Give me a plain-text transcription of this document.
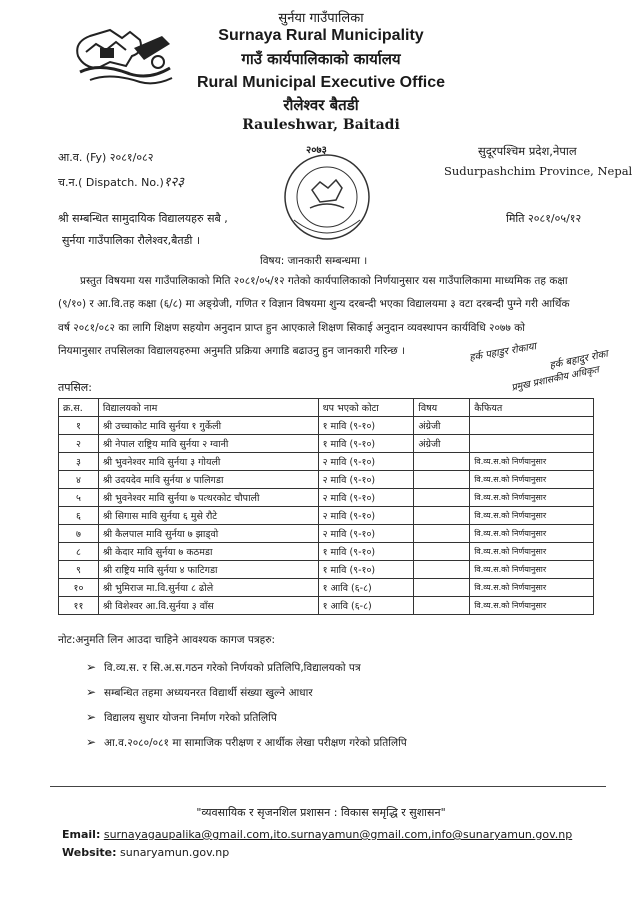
सुर्नया गाउँपालिका
Surnaya Rural Municipality
गाउँ कार्यपालिकाको कार्यालय
Rural Municipal Executive Office
रौलेश्वर बैतडी
Rauleshwar, Baitadi
आ.व. (Fy) २०८१/०८२
च.न.( Dispatch. No.)१२३
सुदूरपश्चिम प्रदेश,नेपाल
Sudurpashchim Province, Nepal
२०७३
श्री सम्बन्धित सामुदायिक विद्यालयहरु सबै ,
सुर्नया गाउँपालिका रौलेश्वर,बैतडी ।
मिति २०८१/०५/१२
विषय: जानकारी सम्बन्धमा ।
प्रस्तुत विषयमा यस गाउँपालिकाको मिति २०८१/०५/१२ गतेको कार्यपालिकाको निर्णयानुसार यस गाउँपालिकामा माध्यमिक तह कक्षा
(९/१०) र आ.वि.तह कक्षा (६/८) मा अङ्ग्रेजी, गणित र विज्ञान विषयमा शुन्य दरबन्दी भएका विद्यालयमा ३ वटा दरबन्दी पुग्ने गरी आर्थिक
वर्ष २०८१/०८२ का लागि शिक्षण सहयोग अनुदान प्राप्त हुन आएकाले शिक्षण सिकाई अनुदान व्यवस्थापन कार्यविधि २०७७ को
नियमानुसार तपसिलका विद्यालयहरुमा अनुमति प्रक्रिया अगाडि बढाउनु हुन जानकारी गरिन्छ ।	हर्क पहाडुर रोकाया हर्क बहादुर रोका
प्रमुख प्रशासकीय अधिकृत
तपसिल:
क्र.स.	विद्यालयको नाम	थप भएको कोटा	विषय	कैफियत
१	श्री उच्चाकोट मावि सुर्नया १ गुर्केली	१ मावि (९-१०)	अंग्रेजी	
२	श्री नेपाल राष्ट्रिय मावि सुर्नया २ ग्वानी	१ मावि (९-१०)	अंग्रेजी	
३	श्री भुवनेश्वर मावि सुर्नया ३ गोयली	२ मावि (९-१०)		वि.व्य.स.को निर्णयानुसार
४	श्री उदयदेव मावि सुर्नया ४ पालिगडा	२ मावि (९-१०)		वि.व्य.स.को निर्णयानुसार
५	श्री भुवनेश्वर मावि सुर्नया ७ पत्थरकोट चौपाली	२ मावि (९-१०)		वि.व्य.स.को निर्णयानुसार
६	श्री सिगास मावि सुर्नया ६ मुसे रौटे	२ मावि (९-१०)		वि.व्य.स.को निर्णयानुसार
७	श्री कैलपाल मावि सुर्नया ७ झाड्वो	२ मावि (९-१०)		वि.व्य.स.को निर्णयानुसार
८	श्री केदार मावि सुर्नया ७ कठमडा	१ मावि (९-१०)		वि.व्य.स.को निर्णयानुसार
९	श्री राष्ट्रिय मावि सुर्नया ४ फाटिगडा	१ मावि (९-१०)		वि.व्य.स.को निर्णयानुसार
१०	श्री भुमिराज मा.वि.सुर्नया ८ ढोले	१ आवि (६-८)		वि.व्य.स.को निर्णयानुसार
११	श्री विशेश्वर आ.वि.सुर्नया ३ वाँस	१ आवि (६-८)		वि.व्य.स.को निर्णयानुसार
नोट:अनुमति लिन आउदा चाहिने आवश्यक कागज पत्रहरु:
➢ वि.व्य.स. र सि.अ.स.गठन गरेको निर्णयको प्रतिलिपि,विद्यालयको पत्र
➢ सम्बन्धित तहमा अध्ययनरत विद्यार्थी संख्या खुल्ने आधार
➢ विद्यालय सुधार योजना निर्माण गरेको प्रतिलिपि
➢ आ.व.२०८०/०८१ मा सामाजिक परीक्षण र आर्थीक लेखा परीक्षण गरेको प्रतिलिपि
"व्यवसायिक र सृजनशिल प्रशासन : विकास समृद्धि र सुशासन"
Email: surnayagaupalika@gmail.com,ito.surnayamun@gmail.com,info@sunaryamun.gov.np
Website: sunaryamun.gov.np
